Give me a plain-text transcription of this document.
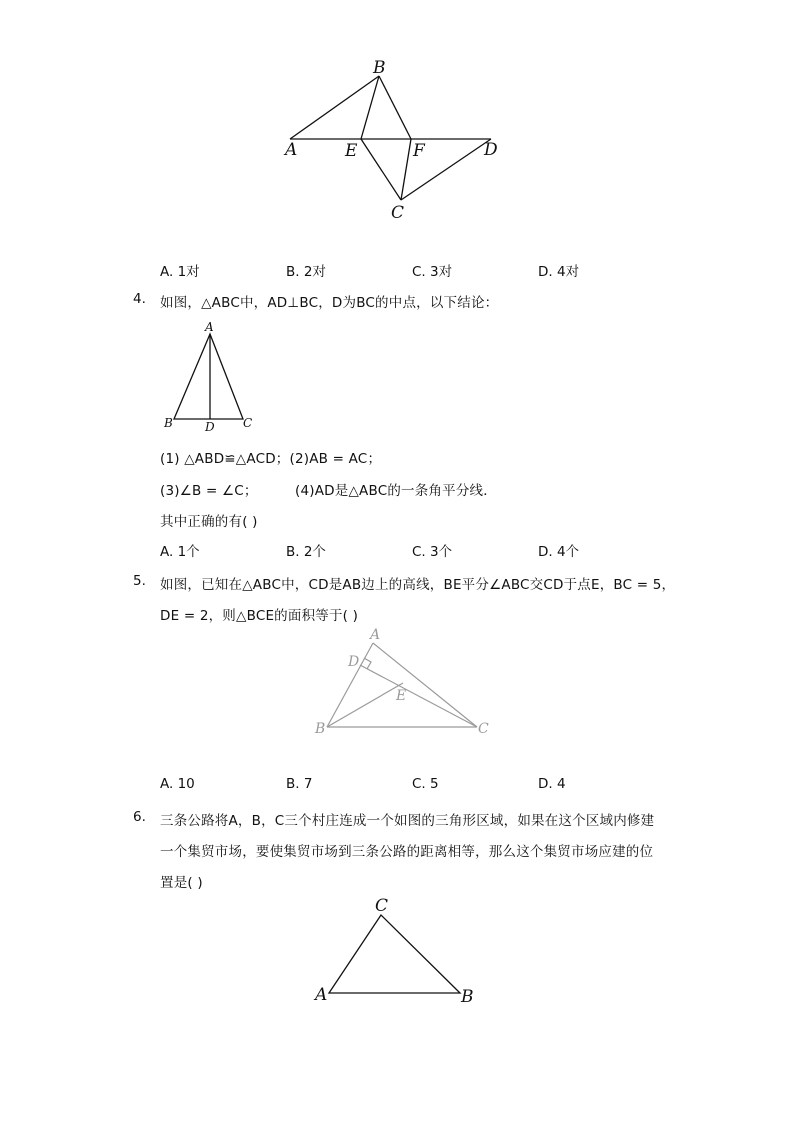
B
A	E	F	D
C
A. 1对	B. 2对	C. 3对	D. 4对
4. 如图，△ABC中，AD⊥BC，D为BC的中点，以下结论：
A
B	D C
(1) △ABD≌△ACD；(2)AB = AC；
(3)∠B = ∠C；	(4)AD是△ABC的一条角平分线．
其中正确的有( )
A. 1个	B. 2个	C. 3个	D. 4个
5. 如图，已知在△ABC中，CD是AB边上的高线，BE平分∠ABC交CD于点E，BC = 5，
DE = 2，则△BCE的面积等于( )
A
D
E
B	C
A. 10	B. 7	C. 5	D. 4
6. 三条公路将A，B，C三个村庄连成一个如图的三角形区域，如果在这个区域内修建
一个集贸市场，要使集贸市场到三条公路的距离相等，那么这个集贸市场应建的位
置是( )
C
A	B
